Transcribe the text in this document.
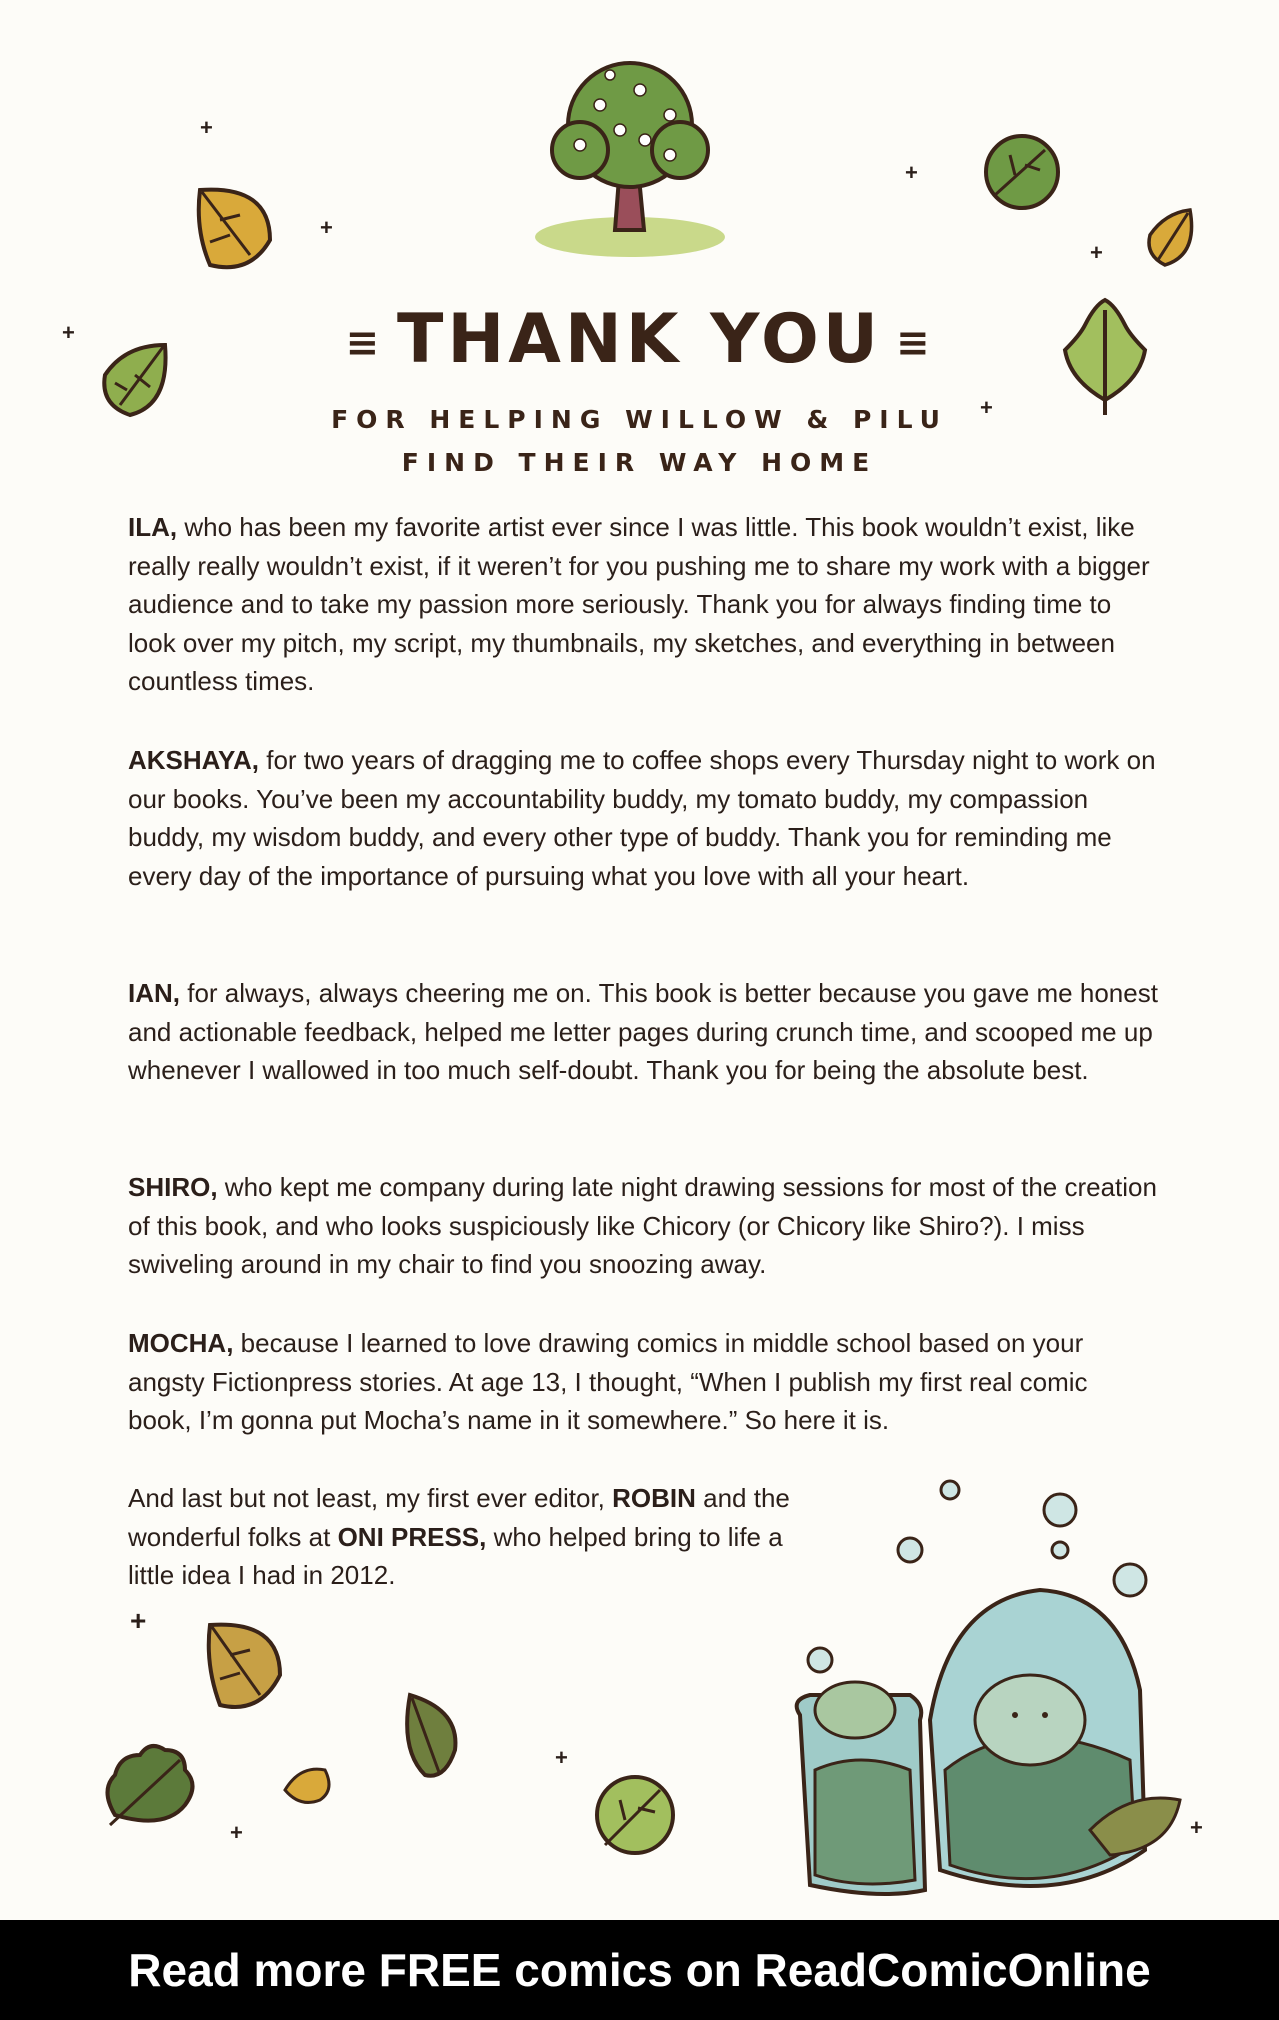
+
+
+
+
+
+
+
+
+	+
≡ THANK YOU ≡
FOR HELPING WILLOW & PILU
FIND THEIR WAY HOME
ILA, who has been my favorite artist ever since I was little. This book wouldn’t exist, like really really wouldn’t exist, if it weren’t for you pushing me to share my work with a bigger audience and to take my passion more seriously. Thank you for always finding time to look over my pitch, my script, my thumbnails, my sketches, and everything in between countless times.
AKSHAYA, for two years of dragging me to coffee shops every Thursday night to work on our books. You’ve been my accountability buddy, my tomato buddy, my compassion buddy, my wisdom buddy, and every other type of buddy. Thank you for reminding me every day of the importance of pursuing what you love with all your heart.
IAN, for always, always cheering me on. This book is better because you gave me honest and actionable feedback, helped me letter pages during crunch time, and scooped me up whenever I wallowed in too much self-doubt. Thank you for being the absolute best.
SHIRO, who kept me company during late night drawing sessions for most of the creation of this book, and who looks suspiciously like Chicory (or Chicory like Shiro?). I miss swiveling around in my chair to find you snoozing away.
MOCHA, because I learned to love drawing comics in middle school based on your angsty Fictionpress stories. At age 13, I thought, “When I publish my first real comic book, I’m gonna put Mocha’s name in it somewhere.” So here it is.
And last but not least, my first ever editor, ROBIN and the wonderful folks at ONI PRESS, who helped bring to life a little idea I had in 2012.
Read more FREE comics on ReadComicOnline
